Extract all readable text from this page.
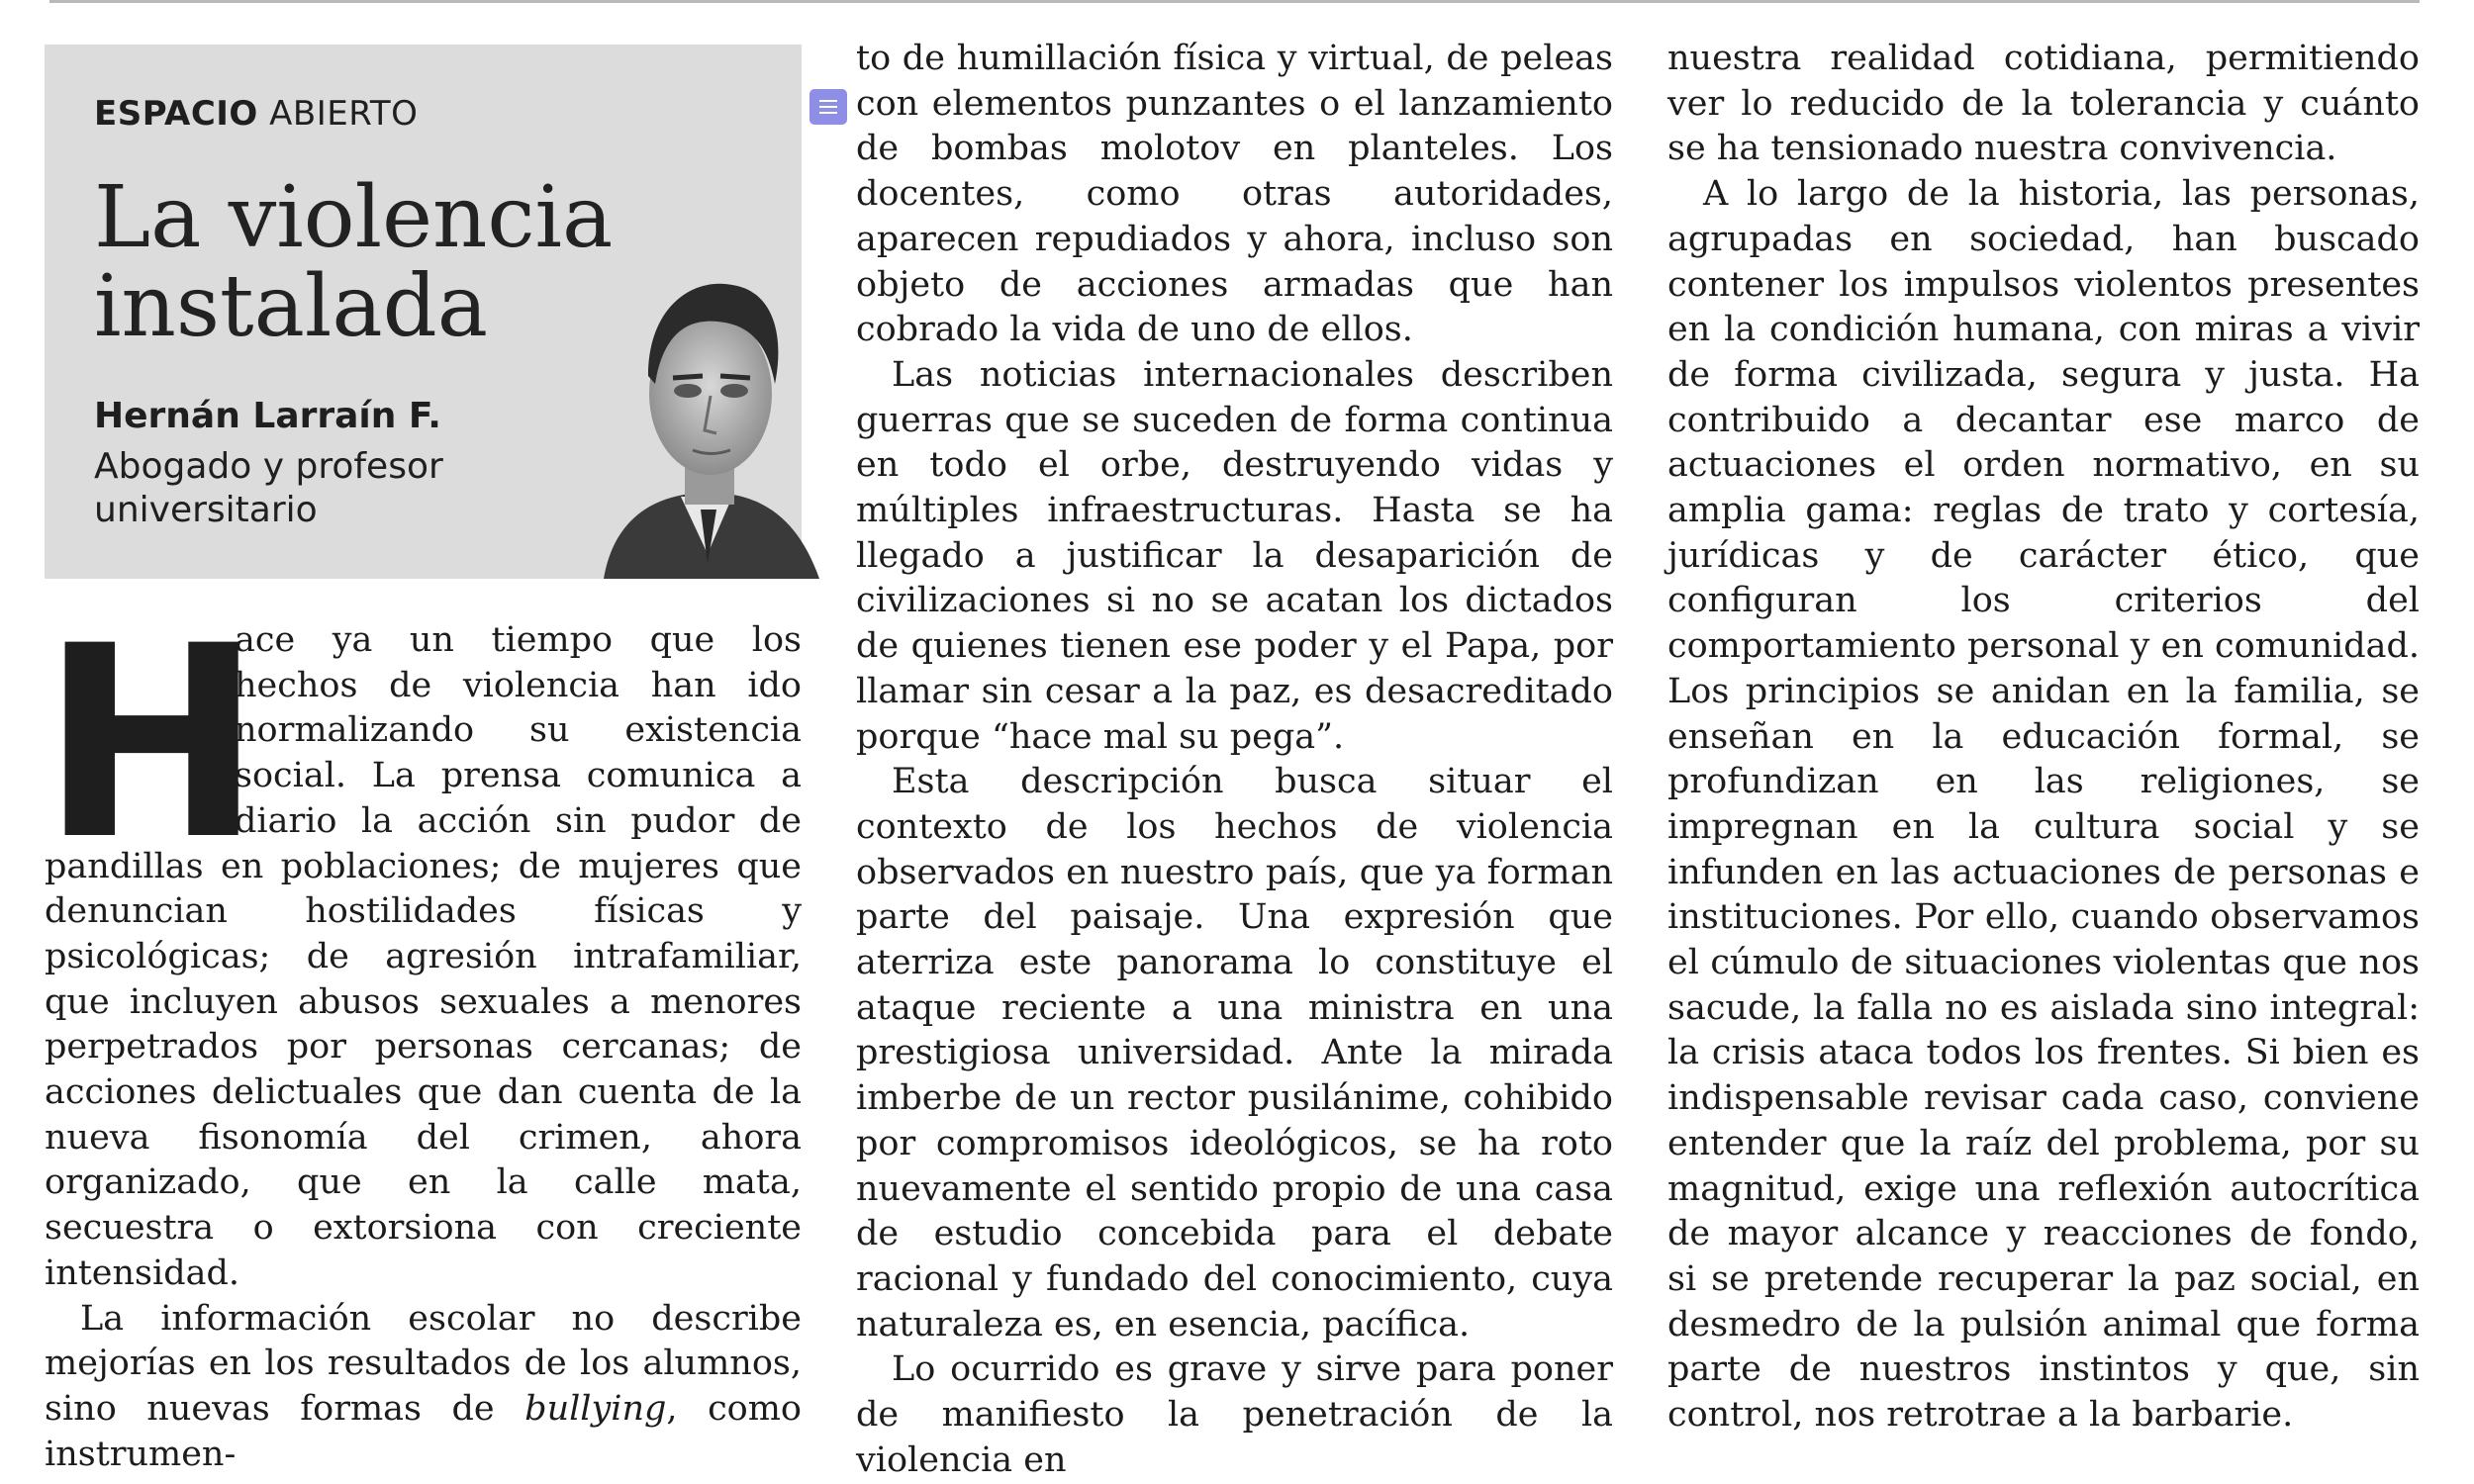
ESPACIO ABIERTO
La violencia instalada
Hernán Larraín F.
Abogado y profesor universitario
H

ace ya un tiempo que los hechos de violencia han ido normalizando su existencia social. La prensa comunica a diario la acción sin pudor de pandillas en poblaciones; de mujeres que denuncian hostilidades físicas y psicológicas; de agresión intrafamiliar, que incluyen abusos sexuales a menores perpetrados por personas cercanas; de acciones delictuales que dan cuenta de la nueva fisonomía del crimen, ahora organizado, que en la calle mata, secuestra o extorsiona con creciente intensidad.

La información escolar no describe mejorías en los resultados de los alumnos, sino nuevas formas de bullying, como instrumen-

to de humillación física y virtual, de peleas con elementos punzantes o el lanzamiento de bombas molotov en planteles. Los docentes, como otras autoridades, aparecen repudiados y ahora, incluso son objeto de acciones armadas que han cobrado la vida de uno de ellos.

Las noticias internacionales describen guerras que se suceden de forma continua en todo el orbe, destruyendo vidas y múltiples infraestructuras. Hasta se ha llegado a justificar la desaparición de civilizaciones si no se acatan los dictados de quienes tienen ese poder y el Papa, por llamar sin cesar a la paz, es desacreditado porque “hace mal su pega”.

Esta descripción busca situar el contexto de los hechos de violencia observados en nuestro país, que ya forman parte del paisaje. Una expresión que aterriza este panorama lo constituye el ataque reciente a una ministra en una prestigiosa universidad. Ante la mirada imberbe de un rector pusilánime, cohibido por compromisos ideológicos, se ha roto nuevamente el sentido propio de una casa de estudio concebida para el debate racional y fundado del conocimiento, cuya naturaleza es, en esencia, pacífica.

Lo ocurrido es grave y sirve para poner de manifiesto la penetración de la violencia en

nuestra realidad cotidiana, permitiendo ver lo reducido de la tolerancia y cuánto se ha tensionado nuestra convivencia.

A lo largo de la historia, las personas, agrupadas en sociedad, han buscado contener los impulsos violentos presentes en la condición humana, con miras a vivir de forma civilizada, segura y justa. Ha contribuido a decantar ese marco de actuaciones el orden normativo, en su amplia gama: reglas de trato y cortesía, jurídicas y de carácter ético, que configuran los criterios del comportamiento personal y en comunidad. Los principios se anidan en la familia, se enseñan en la educación formal, se profundizan en las religiones, se impregnan en la cultura social y se infunden en las actuaciones de personas e instituciones. Por ello, cuando observamos el cúmulo de situaciones violentas que nos sacude, la falla no es aislada sino integral: la crisis ataca todos los frentes. Si bien es indispensable revisar cada caso, conviene entender que la raíz del problema, por su magnitud, exige una reflexión autocrítica de mayor alcance y reacciones de fondo, si se pretende recuperar la paz social, en desmedro de la pulsión animal que forma parte de nuestros instintos y que, sin control, nos retrotrae a la barbarie.
